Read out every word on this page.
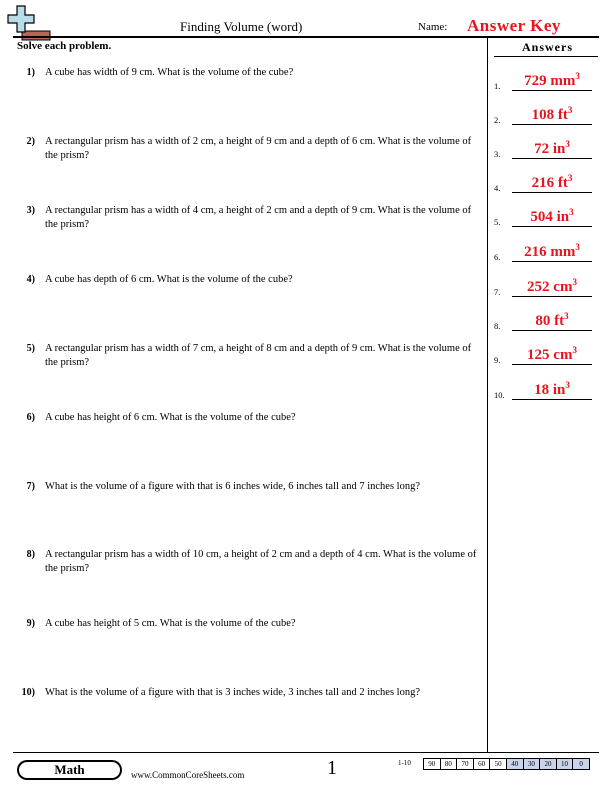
Finding Volume (word)	Name: Answer Key
Solve each problem.
1) A cube has width of 9 cm. What is the volume of the cube?
2) A rectangular prism has a width of 2 cm, a height of 9 cm and a depth of 6 cm. What is the volume of the prism?
3) A rectangular prism has a width of 4 cm, a height of 2 cm and a depth of 9 cm. What is the volume of the prism?
4) A cube has depth of 6 cm. What is the volume of the cube?
5) A rectangular prism has a width of 7 cm, a height of 8 cm and a depth of 9 cm. What is the volume of the prism?
6) A cube has height of 6 cm. What is the volume of the cube?
7) What is the volume of a figure with that is 6 inches wide, 6 inches tall and 7 inches long?
8) A rectangular prism has a width of 10 cm, a height of 2 cm and a depth of 4 cm. What is the volume of the prism?
9) A cube has height of 5 cm. What is the volume of the cube?
10) What is the volume of a figure with that is 3 inches wide, 3 inches tall and 2 inches long?
Answers
1.	729 $mm^3$
2.	108 $ft^3$
3.	72 $in^3$
4.	216 $ft^3$
5.	504 $in^3$
6.	216 $mm^3$
7.	252 $cm^3$
8.	80 $ft^3$
9.	125 $cm^3$
10.	18 $in^3$
Math	www.CommonCoreSheets.com	1	1-10	90	80	70	60	50	40	30	20	10	0
